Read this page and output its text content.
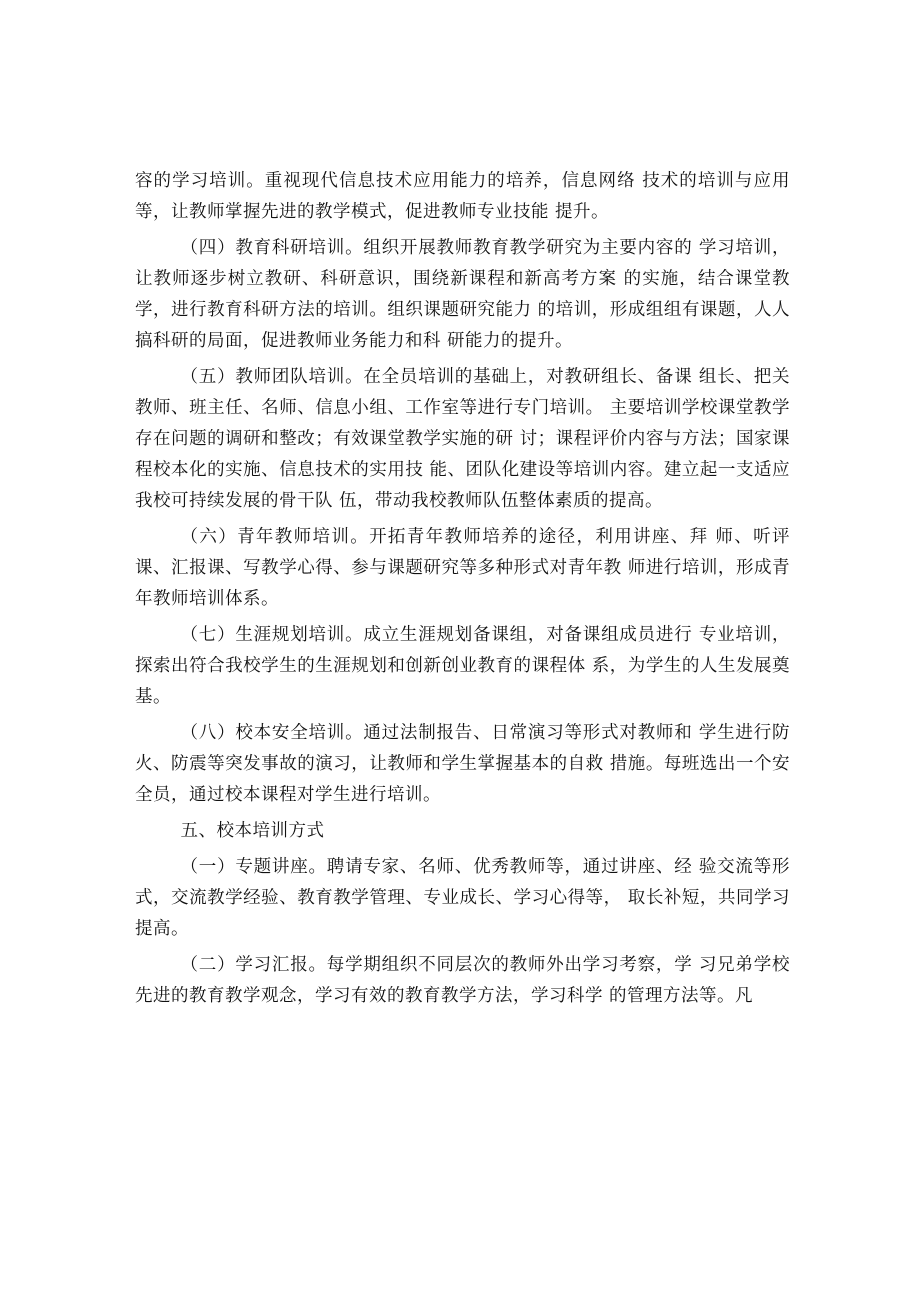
容的学习培训。重视现代信息技术应用能力的培养，信息网络 技术的培训与应用等，让教师掌握先进的教学模式，促进教师专业技能 提升。

（四）教育科研培训。组织开展教师教育教学研究为主要内容的 学习培训，让教师逐步树立教研、科研意识，围绕新课程和新高考方案 的实施，结合课堂教学，进行教育科研方法的培训。组织课题研究能力 的培训，形成组组有课题，人人搞科研的局面，促进教师业务能力和科 研能力的提升。

（五）教师团队培训。在全员培训的基础上，对教研组长、备课 组长、把关教师、班主任、名师、信息小组、工作室等进行专门培训。 主要培训学校课堂教学存在问题的调研和整改；有效课堂教学实施的研 讨；课程评价内容与方法；国家课程校本化的实施、信息技术的实用技 能、团队化建设等培训内容。建立起一支适应我校可持续发展的骨干队 伍，带动我校教师队伍整体素质的提高。

（六）青年教师培训。开拓青年教师培养的途径，利用讲座、拜 师、听评课、汇报课、写教学心得、参与课题研究等多种形式对青年教 师进行培训，形成青年教师培训体系。

（七）生涯规划培训。成立生涯规划备课组，对备课组成员进行 专业培训，探索出符合我校学生的生涯规划和创新创业教育的课程体 系，为学生的人生发展奠基。

（八）校本安全培训。通过法制报告、日常演习等形式对教师和 学生进行防火、防震等突发事故的演习，让教师和学生掌握基本的自救 措施。每班选出一个安全员，通过校本课程对学生进行培训。

五、校本培训方式

（一）专题讲座。聘请专家、名师、优秀教师等，通过讲座、经 验交流等形式，交流教学经验、教育教学管理、专业成长、学习心得等， 取长补短，共同学习提高。

（二）学习汇报。每学期组织不同层次的教师外出学习考察，学 习兄弟学校先进的教育教学观念，学习有效的教育教学方法，学习科学 的管理方法等。凡
